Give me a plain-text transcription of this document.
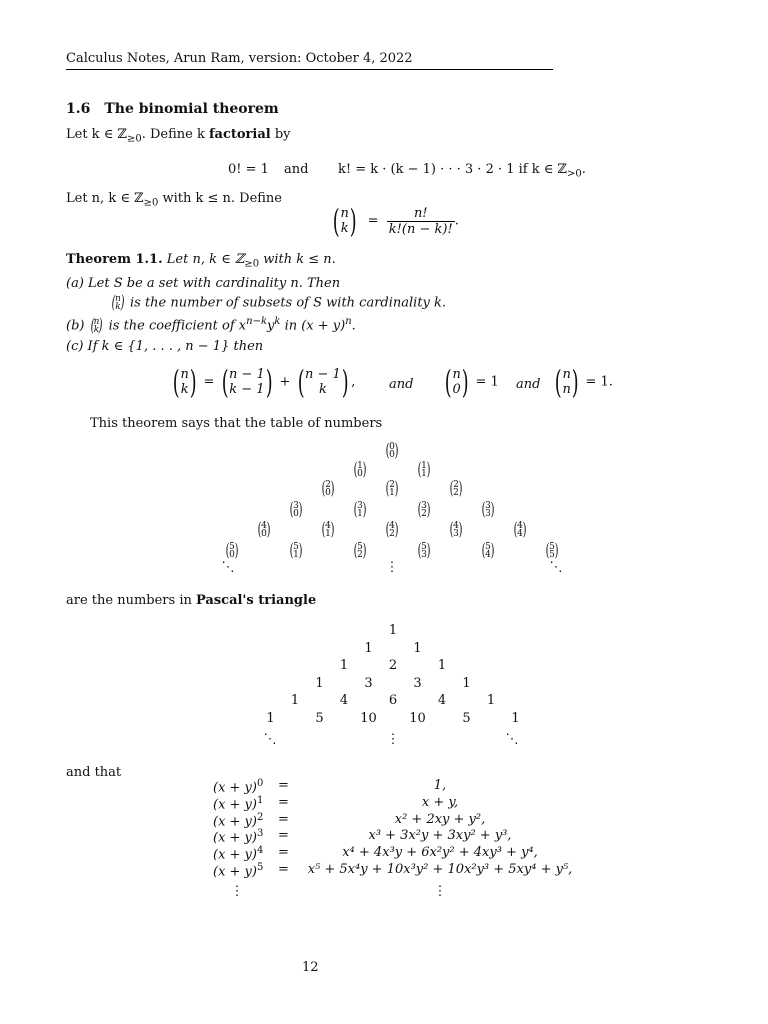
Calculus Notes, Arun Ram, version: October 4, 2022
1.6 The binomial theorem
Let k ∈ ℤ$_{\ge 0}$. Define k factorial by
0! = 1 and k! = k · (k − 1) · · · 3 · 2 · 1 if k ∈ ℤ$_{>0}$.
Let n, k ∈ ℤ$_{\ge 0}$ with k ≤ n. Define
( n
k ) = $\frac{n!}{k!(n - k)!}$ .
Theorem 1.1. Let n, k ∈ ℤ$_{\ge 0}$ with k ≤ n.
(a) Let S be a set with cardinality n. Then
( n
k ) is the number of subsets of S with cardinality k.
(b) ( n
k ) is the coefficient of $x^{n-k}y^k$ in $(x + y)^n$.
(c) If k ∈ {1, . . . , n − 1} then
( n
k ) = ( n − 1
k − 1 ) + ( n − 1
k ) ,	and ( n
0 ) = 1 and ( n
n ) = 1.
This theorem says that the table of numbers
( 0
0 )
( 1
0 )	( 1
1 )
( 2
0 )	( 2
1 )	( 2
2 )
( 3
0 )	( 3
1 )	( 3
2 )	( 3
3 )
( 4
0 )	( 4
1 )	( 4
2 )	( 4
3 )	( 4
4 )
( 5
0 )	( 5
1 )	( 5
2 )	( 5
3 )	( 5
4 )	( 5
5 )
⋱	⋮	⋱
are the numbers in Pascal's triangle
1
1	1
1	2	1
1	3	3	1
1	4	6	4	1
1	5	10 10	5	1
⋱	⋮	⋱
and that
$(x + y)^0$ =	1,
$(x + y)^1$ =	x + y,
$(x + y)^2$ =	x² + 2xy + y²,
$(x + y)^3$ =	x³ + 3x²y + 3xy² + y³,
$(x + y)^4$ =	x⁴ + 4x³y + 6x²y² + 4xy³ + y⁴,
$(x + y)^5 = x^5 + 5x^4y + 10x^3y^2 + 10x^2y^3 + 5xy^4 + y^5$,
⋮	⋮
12
